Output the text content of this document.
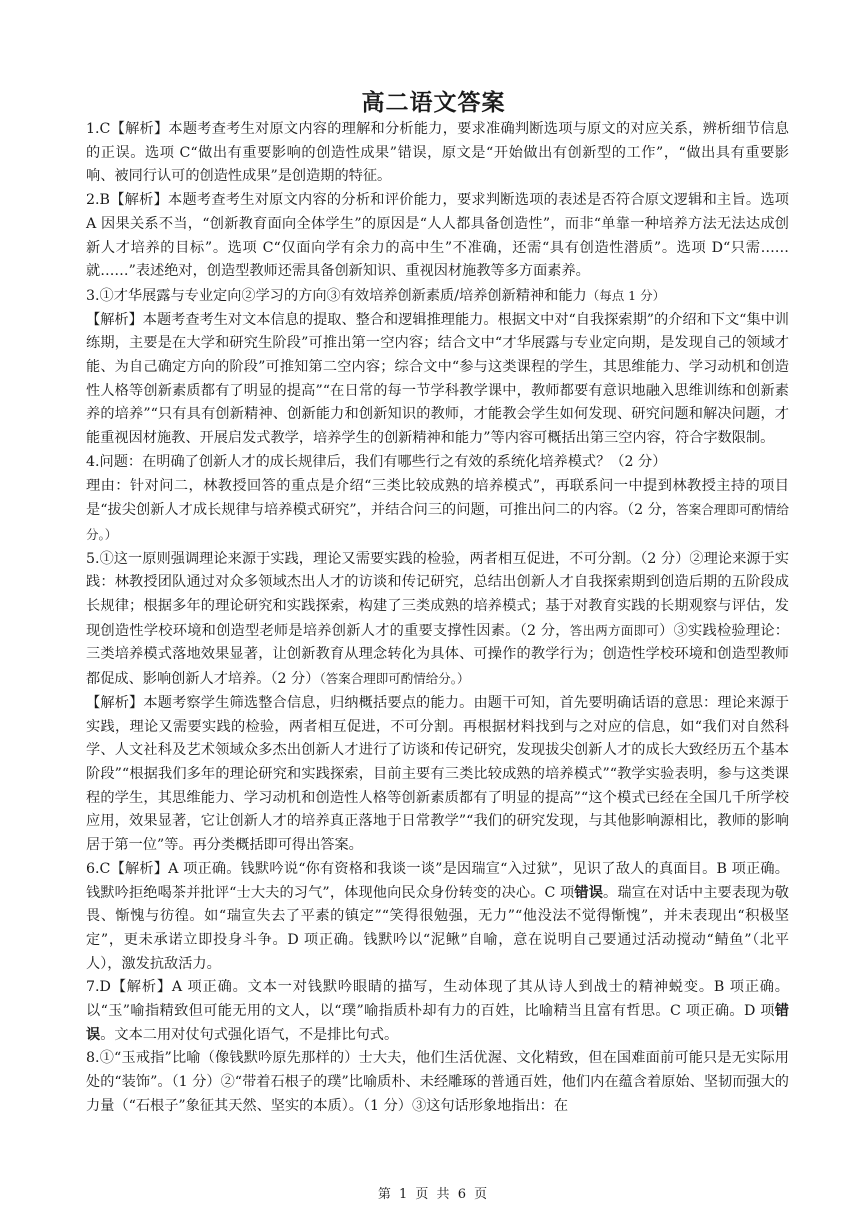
高二语文答案

1.C【解析】本题考查考生对原文内容的理解和分析能力，要求准确判断选项与原文的对应关系，辨析细节信息的正误。选项 C“做出有重要影响的创造性成果”错误，原文是“开始做出有创新型的工作”，“做出具有重要影响、被同行认可的创造性成果”是创造期的特征。

2.B【解析】本题考查考生对原文内容的分析和评价能力，要求判断选项的表述是否符合原文逻辑和主旨。选项 A 因果关系不当，“创新教育面向全体学生”的原因是“人人都具备创造性”，而非“单靠一种培养方法无法达成创新人才培养的目标”。选项 C“仅面向学有余力的高中生”不准确，还需“具有创造性潜质”。选项 D“只需……就……”表述绝对，创造型教师还需具备创新知识、重视因材施教等多方面素养。

3.①才华展露与专业定向②学习的方向③有效培养创新素质/培养创新精神和能力（每点 1 分）

【解析】本题考查考生对文本信息的提取、整合和逻辑推理能力。根据文中对“自我探索期”的介绍和下文“集中训练期，主要是在大学和研究生阶段”可推出第一空内容；结合文中“才华展露与专业定向期，是发现自己的领域才能、为自己确定方向的阶段”可推知第二空内容；综合文中“参与这类课程的学生，其思维能力、学习动机和创造性人格等创新素质都有了明显的提高”“在日常的每一节学科教学课中，教师都要有意识地融入思维训练和创新素养的培养”“只有具有创新精神、创新能力和创新知识的教师，才能教会学生如何发现、研究问题和解决问题，才能重视因材施教、开展启发式教学，培养学生的创新精神和能力”等内容可概括出第三空内容，符合字数限制。

4.问题：在明确了创新人才的成长规律后，我们有哪些行之有效的系统化培养模式？（2 分）

理由：针对问二，林教授回答的重点是介绍“三类比较成熟的培养模式”，再联系问一中提到林教授主持的项目是“拔尖创新人才成长规律与培养模式研究”，并结合问三的问题，可推出问二的内容。（2 分，答案合理即可酌情给分。）

5.①这一原则强调理论来源于实践，理论又需要实践的检验，两者相互促进，不可分割。（2 分）②理论来源于实践：林教授团队通过对众多领域杰出人才的访谈和传记研究，总结出创新人才自我探索期到创造后期的五阶段成长规律；根据多年的理论研究和实践探索，构建了三类成熟的培养模式；基于对教育实践的长期观察与评估，发现创造性学校环境和创造型老师是培养创新人才的重要支撑性因素。（2 分，答出两方面即可）③实践检验理论：三类培养模式落地效果显著，让创新教育从理念转化为具体、可操作的教学行为；创造性学校环境和创造型教师都促成、影响创新人才培养。（2 分）（答案合理即可酌情给分。）

【解析】本题考察学生筛选整合信息，归纳概括要点的能力。由题干可知，首先要明确话语的意思：理论来源于实践，理论又需要实践的检验，两者相互促进，不可分割。再根据材料找到与之对应的信息，如“我们对自然科学、人文社科及艺术领域众多杰出创新人才进行了访谈和传记研究，发现拔尖创新人才的成长大致经历五个基本阶段”“根据我们多年的理论研究和实践探索，目前主要有三类比较成熟的培养模式”“教学实验表明，参与这类课程的学生，其思维能力、学习动机和创造性人格等创新素质都有了明显的提高”“这个模式已经在全国几千所学校应用，效果显著，它让创新人才的培养真正落地于日常教学”“我们的研究发现，与其他影响源相比，教师的影响居于第一位”等。再分类概括即可得出答案。

6.C【解析】A 项正确。钱默吟说“你有资格和我谈一谈”是因瑞宣“入过狱”，见识了敌人的真面目。B 项正确。钱默吟拒绝喝茶并批评“士大夫的习气”，体现他向民众身份转变的决心。C 项错误。瑞宣在对话中主要表现为敬畏、惭愧与彷徨。如“瑞宣失去了平素的镇定”“笑得很勉强，无力”“他没法不觉得惭愧”，并未表现出“积极坚定”，更未承诺立即投身斗争。D 项正确。钱默吟以“泥鳅”自喻，意在说明自己要通过活动搅动“鲭鱼”（北平人），激发抗敌活力。

7.D【解析】A 项正确。文本一对钱默吟眼睛的描写，生动体现了其从诗人到战士的精神蜕变。B 项正确。以“玉”喻指精致但可能无用的文人，以“璞”喻指质朴却有力的百姓，比喻精当且富有哲思。C 项正确。D 项错误。文本二用对仗句式强化语气，不是排比句式。

8.①“玉戒指”比喻（像钱默吟原先那样的）士大夫，他们生活优渥、文化精致，但在国难面前可能只是无实际用处的“装饰”。（1 分）②“带着石根子的璞”比喻质朴、未经雕琢的普通百姓，他们内在蕴含着原始、坚韧而强大的力量（“石根子”象征其天然、坚实的本质）。（1 分）③这句话形象地指出：在

第 1 页 共 6 页
